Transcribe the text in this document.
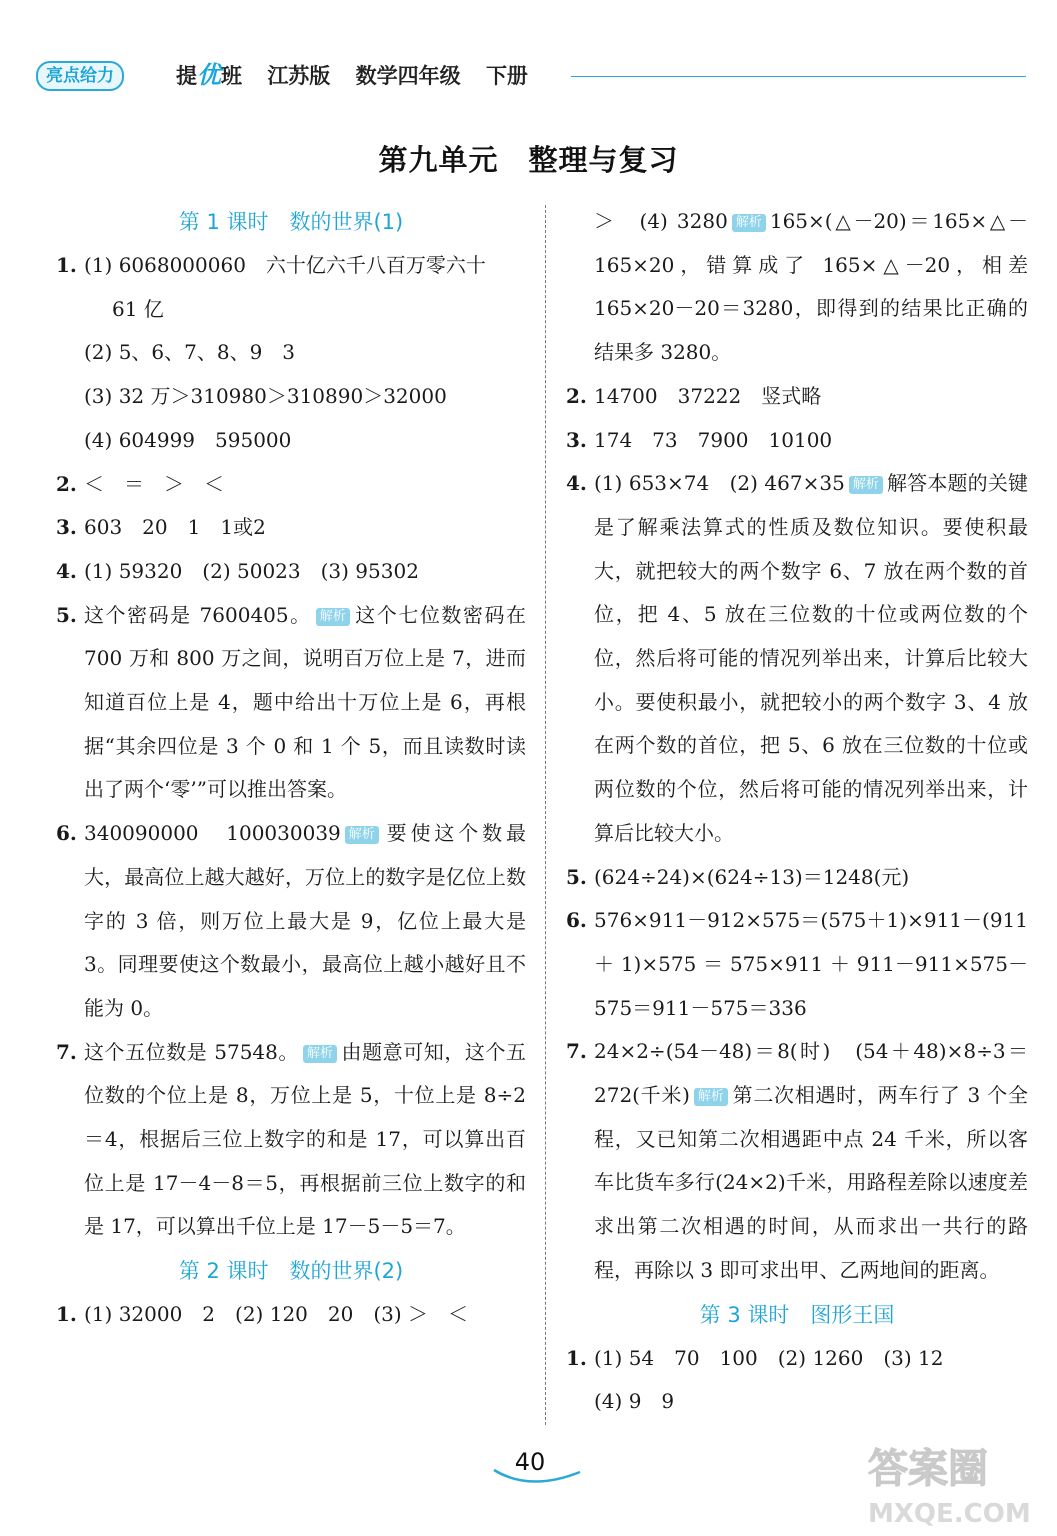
亮点给力	提优班 江苏版 数学四年级 下册
第九单元　整理与复习
第 1 课时　数的世界(1)
1. (1) 6068000060　六十亿六千八百万零六十
61 亿
(2) 5、6、7、8、9　3
(3) 32 万＞310980＞310890＞32000
(4) 604999　595000
2. ＜　＝　＞　＜
3. 603　20　1　1或2
4. (1) 59320　(2) 50023　(3) 95302
5. 这个密码是 7600405。 解析 这个七位数密码在 700 万和 800 万之间，说明百万位上是 7，进而知道百位上是 4，题中给出十万位上是 6，再根据“其余四位是 3 个 0 和 1 个 5，而且读数时读出了两个‘零’”可以推出答案。
6. 340090000　100030039 解析 要使这个数最大，最高位上越大越好，万位上的数字是亿位上数字的 3 倍，则万位上最大是 9，亿位上最大是 3。同理要使这个数最小，最高位上越小越好且不能为 0。
7. 这个五位数是 57548。 解析 由题意可知，这个五位数的个位上是 8，万位上是 5，十位上是 8÷2＝4，根据后三位上数字的和是 17，可以算出百位上是 17－4－8＝5，再根据前三位上数字的和是 17，可以算出千位上是 17－5－5＝7。
第 2 课时　数的世界(2)
1. (1) 32000　2　(2) 120　20　(3) ＞　＜
＞　(4) 3280 解析 165×(△－20)＝165×△－165×20，错算成了 165×△－20，相差 165×20－20＝3280，即得到的结果比正确的结果多 3280。
2. 14700　37222　竖式略
3. 174　73　7900　10100
4. (1) 653×74　(2) 467×35 解析 解答本题的关键是了解乘法算式的性质及数位知识。要使积最大，就把较大的两个数字 6、7 放在两个数的首位，把 4、5 放在三位数的十位或两位数的个位，然后将可能的情况列举出来，计算后比较大小。要使积最小，就把较小的两个数字 3、4 放在两个数的首位，把 5、6 放在三位数的十位或两位数的个位，然后将可能的情况列举出来，计算后比较大小。
5. (624÷24)×(624÷13)＝1248(元)
6. 576×911－912×575＝(575＋1)×911－(911＋1)×575＝575×911＋911－911×575－575＝911－575＝336
7. 24×2÷(54－48)＝8(时)　(54＋48)×8÷3＝272(千米) 解析 第二次相遇时，两车行了 3 个全程，又已知第二次相遇距中点 24 千米，所以客车比货车多行(24×2)千米，用路程差除以速度差求出第二次相遇的时间，从而求出一共行的路程，再除以 3 即可求出甲、乙两地间的距离。
第 3 课时　图形王国
1. (1) 54　70　100　(2) 1260　(3) 12
(4) 9　9
40	答案圈
MXQE.COM
